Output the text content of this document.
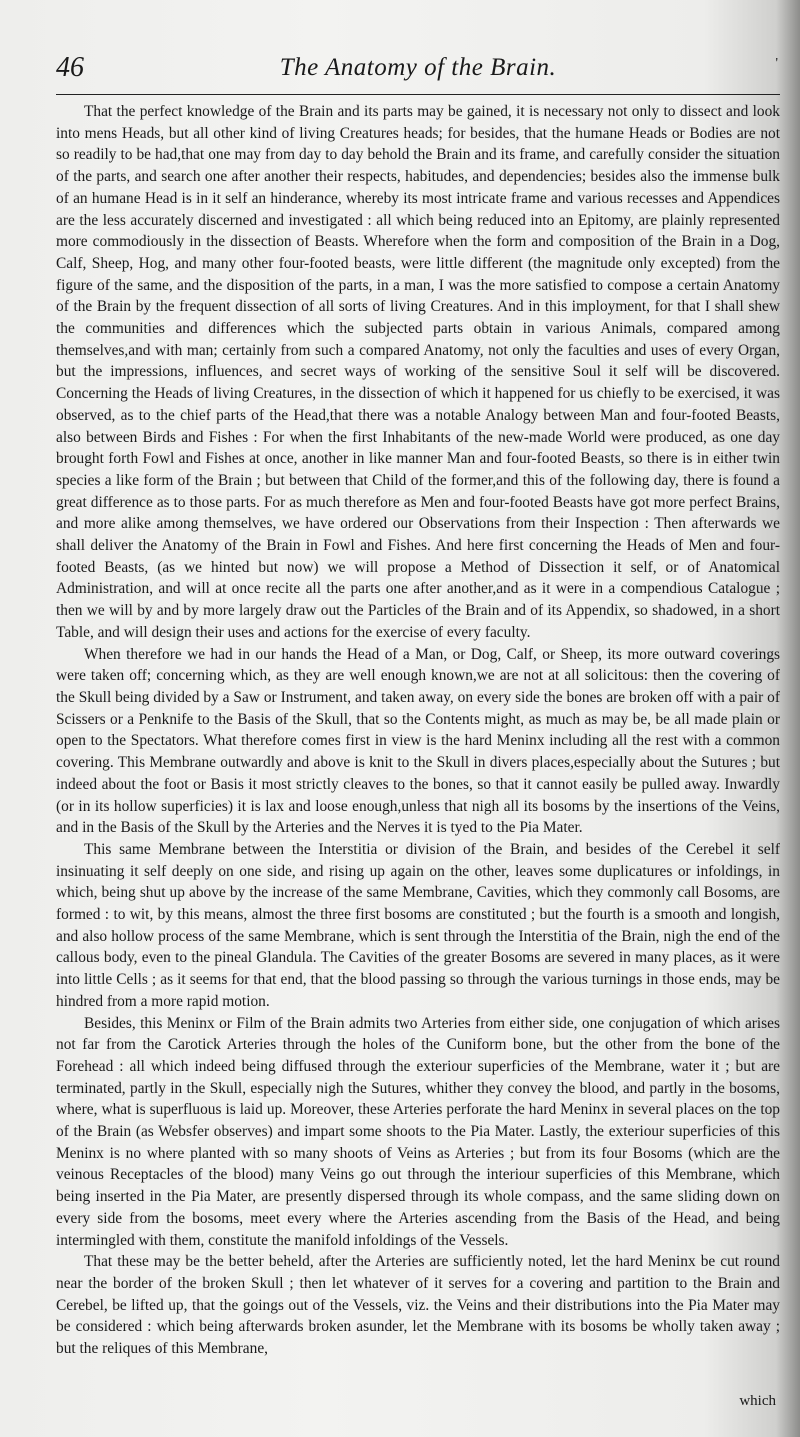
46	The Anatomy of the Brain.	'

That the perfect knowledge of the Brain and its parts may be gained, it is necessary not only to dissect and look into mens Heads, but all other kind of living Creatures heads; for besides, that the humane Heads or Bodies are not so readily to be had,that one may from day to day behold the Brain and its frame, and carefully consider the situation of the parts, and search one after another their respects, habitudes, and dependencies; besides also the immense bulk of an humane Head is in it self an hinderance, whereby its most intricate frame and various recesses and Appendices are the less accurately discerned and investigated : all which being reduced into an Epitomy, are plainly represented more commodiously in the dissection of Beasts. Wherefore when the form and composition of the Brain in a Dog, Calf, Sheep, Hog, and many other four-footed beasts, were little different (the magnitude only excepted) from the figure of the same, and the disposition of the parts, in a man, I was the more satisfied to compose a certain Anatomy of the Brain by the frequent dissection of all sorts of living Creatures. And in this imployment, for that I shall shew the communities and differences which the subjected parts obtain in various Animals, compared among themselves,and with man; certainly from such a compared Anatomy, not only the faculties and uses of every Organ, but the impressions, influences, and secret ways of working of the sensitive Soul it self will be discovered. Concerning the Heads of living Creatures, in the dissection of which it happened for us chiefly to be exercised, it was observed, as to the chief parts of the Head,that there was a notable Analogy between Man and four-footed Beasts, also between Birds and Fishes : For when the first Inhabitants of the new-made World were produced, as one day brought forth Fowl and Fishes at once, another in like manner Man and four-footed Beasts, so there is in either twin species a like form of the Brain ; but between that Child of the former,and this of the following day, there is found a great difference as to those parts. For as much therefore as Men and four-footed Beasts have got more perfect Brains, and more alike among themselves, we have ordered our Observations from their Inspection : Then afterwards we shall deliver the Anatomy of the Brain in Fowl and Fishes. And here first concerning the Heads of Men and four-footed Beasts, (as we hinted but now) we will propose a Method of Dissection it self, or of Anatomical Administration, and will at once recite all the parts one after another,and as it were in a compendious Catalogue ; then we will by and by more largely draw out the Particles of the Brain and of its Appendix, so shadowed, in a short Table, and will design their uses and actions for the exercise of every faculty.

When therefore we had in our hands the Head of a Man, or Dog, Calf, or Sheep, its more outward coverings were taken off; concerning which, as they are well enough known,we are not at all solicitous: then the covering of the Skull being divided by a Saw or Instrument, and taken away, on every side the bones are broken off with a pair of Scissers or a Penknife to the Basis of the Skull, that so the Contents might, as much as may be, be all made plain or open to the Spectators. What therefore comes first in view is the hard Meninx including all the rest with a common covering. This Membrane outwardly and above is knit to the Skull in divers places,especially about the Sutures ; but indeed about the foot or Basis it most strictly cleaves to the bones, so that it cannot easily be pulled away. Inwardly (or in its hollow superficies) it is lax and loose enough,unless that nigh all its bosoms by the insertions of the Veins, and in the Basis of the Skull by the Arteries and the Nerves it is tyed to the Pia Mater.

This same Membrane between the Interstitia or division of the Brain, and besides of the Cerebel it self insinuating it self deeply on one side, and rising up again on the other, leaves some duplicatures or infoldings, in which, being shut up above by the increase of the same Membrane, Cavities, which they commonly call Bosoms, are formed : to wit, by this means, almost the three first bosoms are constituted ; but the fourth is a smooth and longish, and also hollow process of the same Membrane, which is sent through the Interstitia of the Brain, nigh the end of the callous body, even to the pineal Glandula. The Cavities of the greater Bosoms are severed in many places, as it were into little Cells ; as it seems for that end, that the blood passing so through the various turnings in those ends, may be hindred from a more rapid motion.

Besides, this Meninx or Film of the Brain admits two Arteries from either side, one conjugation of which arises not far from the Carotick Arteries through the holes of the Cuniform bone, but the other from the bone of the Forehead : all which indeed being diffused through the exteriour superficies of the Membrane, water it ; but are terminated, partly in the Skull, especially nigh the Sutures, whither they convey the blood, and partly in the bosoms, where, what is superfluous is laid up. Moreover, these Arteries perforate the hard Meninx in several places on the top of the Brain (as Websfer observes) and impart some shoots to the Pia Mater. Lastly, the exteriour superficies of this Meninx is no where planted with so many shoots of Veins as Arteries ; but from its four Bosoms (which are the veinous Receptacles of the blood) many Veins go out through the interiour superficies of this Membrane, which being inserted in the Pia Mater, are presently dispersed through its whole compass, and the same sliding down on every side from the bosoms, meet every where the Arteries ascending from the Basis of the Head, and being intermingled with them, constitute the manifold infoldings of the Vessels.

That these may be the better beheld, after the Arteries are sufficiently noted, let the hard Meninx be cut round near the border of the broken Skull ; then let whatever of it serves for a covering and partition to the Brain and Cerebel, be lifted up, that the goings out of the Vessels, viz. the Veins and their distributions into the Pia Mater may be considered : which being afterwards broken asunder, let the Membrane with its bosoms be wholly taken away ; but the reliques of this Membrane,

which
